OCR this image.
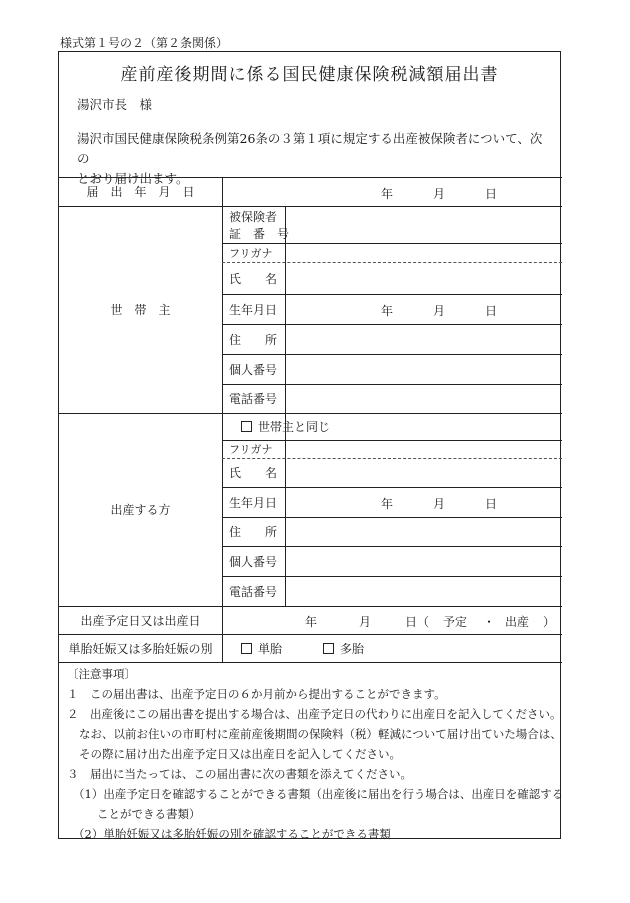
様式第１号の２（第２条関係）
産前産後期間に係る国民健康保険税減額届出書
湯沢市長　様
湯沢市国民健康保険税条例第26条の３第１項に規定する出産被保険者について、次の
とおり届け出ます。
届　出　年　月　日	年	月	日
世　帯　主
被保険者
証　番　号
フリガナ
氏　　名
生年月日	年	月	日
住　　所
個人番号
電話番号
出産する方
世帯主と同じ
フリガナ
氏　　名
生年月日	年	月	日
住　　所
個人番号
電話番号
出産予定日又は出産日	年	月	日（ 予定 ・ 出産 ）
単胎妊娠又は多胎妊娠の別	単胎	多胎
〔注意事項〕
１　この届出書は、出産予定日の６か月前から提出することができます。
２　出産後にこの届出書を提出する場合は、出産予定日の代わりに出産日を記入してください。
なお、以前お住いの市町村に産前産後期間の保険料（税）軽減について届け出ていた場合は、
その際に届け出た出産予定日又は出産日を記入してください。
３　届出に当たっては、この届出書に次の書類を添えてください。
（1）出産予定日を確認することができる書類（出産後に届出を行う場合は、出産日を確認する
ことができる書類）
（2）単胎妊娠又は多胎妊娠の別を確認することができる書類
